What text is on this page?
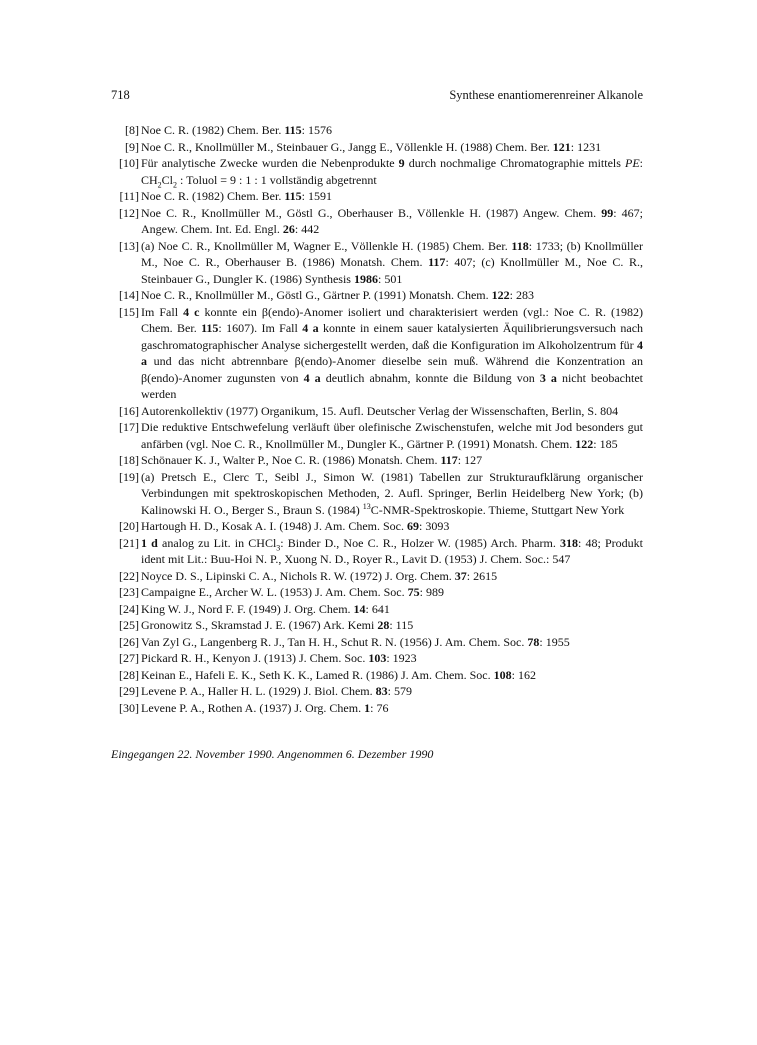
718	Synthese enantiomerenreiner Alkanole
[8] Noe C. R. (1982) Chem. Ber. 115: 1576
[9] Noe C. R., Knollmüller M., Steinbauer G., Jangg E., Völlenkle H. (1988) Chem. Ber. 121: 1231
[10] Für analytische Zwecke wurden die Nebenprodukte 9 durch nochmalige Chromatographie mittels PE: $CH_2Cl_2$ : Toluol = 9 : 1 : 1 vollständig abgetrennt
[11] Noe C. R. (1982) Chem. Ber. 115: 1591
[12] Noe C. R., Knollmüller M., Göstl G., Oberhauser B., Völlenkle H. (1987) Angew. Chem. 99: 467; Angew. Chem. Int. Ed. Engl. 26: 442
[13] (a) Noe C. R., Knollmüller M, Wagner E., Völlenkle H. (1985) Chem. Ber. 118: 1733; (b) Knollmüller M., Noe C. R., Oberhauser B. (1986) Monatsh. Chem. 117: 407; (c) Knollmüller M., Noe C. R., Steinbauer G., Dungler K. (1986) Synthesis 1986: 501
[14] Noe C. R., Knollmüller M., Göstl G., Gärtner P. (1991) Monatsh. Chem. 122: 283
[15] Im Fall 4 c konnte ein β(endo)-Anomer isoliert und charakterisiert werden (vgl.: Noe C. R. (1982) Chem. Ber. 115: 1607). Im Fall 4 a konnte in einem sauer katalysierten Äquilibrierungsversuch nach gaschromatographischer Analyse sichergestellt werden, daß die Konfiguration im Alkoholzentrum für 4 a und das nicht abtrennbare β(endo)-Anomer dieselbe sein muß. Während die Konzentration an β(endo)-Anomer zugunsten von 4 a deutlich abnahm, konnte die Bildung von 3 a nicht beobachtet werden
[16] Autorenkollektiv (1977) Organikum, 15. Aufl. Deutscher Verlag der Wissenschaften, Berlin, S. 804
[17] Die reduktive Entschwefelung verläuft über olefinische Zwischenstufen, welche mit Jod besonders gut anfärben (vgl. Noe C. R., Knollmüller M., Dungler K., Gärtner P. (1991) Monatsh. Chem. 122: 185
[18] Schönauer K. J., Walter P., Noe C. R. (1986) Monatsh. Chem. 117: 127
[19] (a) Pretsch E., Clerc T., Seibl J., Simon W. (1981) Tabellen zur Strukturaufklärung organischer Verbindungen mit spektroskopischen Methoden, 2. Aufl. Springer, Berlin Heidelberg New York; (b) Kalinowski H. O., Berger S., Braun S. (1984) $^{13}$C-NMR-Spektroskopie. Thieme, Stuttgart New York
[20] Hartough H. D., Kosak A. I. (1948) J. Am. Chem. Soc. 69: 3093
[21] 1 d analog zu Lit. in CHCl$_3$: Binder D., Noe C. R., Holzer W. (1985) Arch. Pharm. 318: 48; Produkt ident mit Lit.: Buu-Hoi N. P., Xuong N. D., Royer R., Lavit D. (1953) J. Chem. Soc.: 547
[22] Noyce D. S., Lipinski C. A., Nichols R. W. (1972) J. Org. Chem. 37: 2615
[23] Campaigne E., Archer W. L. (1953) J. Am. Chem. Soc. 75: 989
[24] King W. J., Nord F. F. (1949) J. Org. Chem. 14: 641
[25] Gronowitz S., Skramstad J. E. (1967) Ark. Kemi 28: 115
[26] Van Zyl G., Langenberg R. J., Tan H. H., Schut R. N. (1956) J. Am. Chem. Soc. 78: 1955
[27] Pickard R. H., Kenyon J. (1913) J. Chem. Soc. 103: 1923
[28] Keinan E., Hafeli E. K., Seth K. K., Lamed R. (1986) J. Am. Chem. Soc. 108: 162
[29] Levene P. A., Haller H. L. (1929) J. Biol. Chem. 83: 579
[30] Levene P. A., Rothen A. (1937) J. Org. Chem. 1: 76
Eingegangen 22. November 1990. Angenommen 6. Dezember 1990
